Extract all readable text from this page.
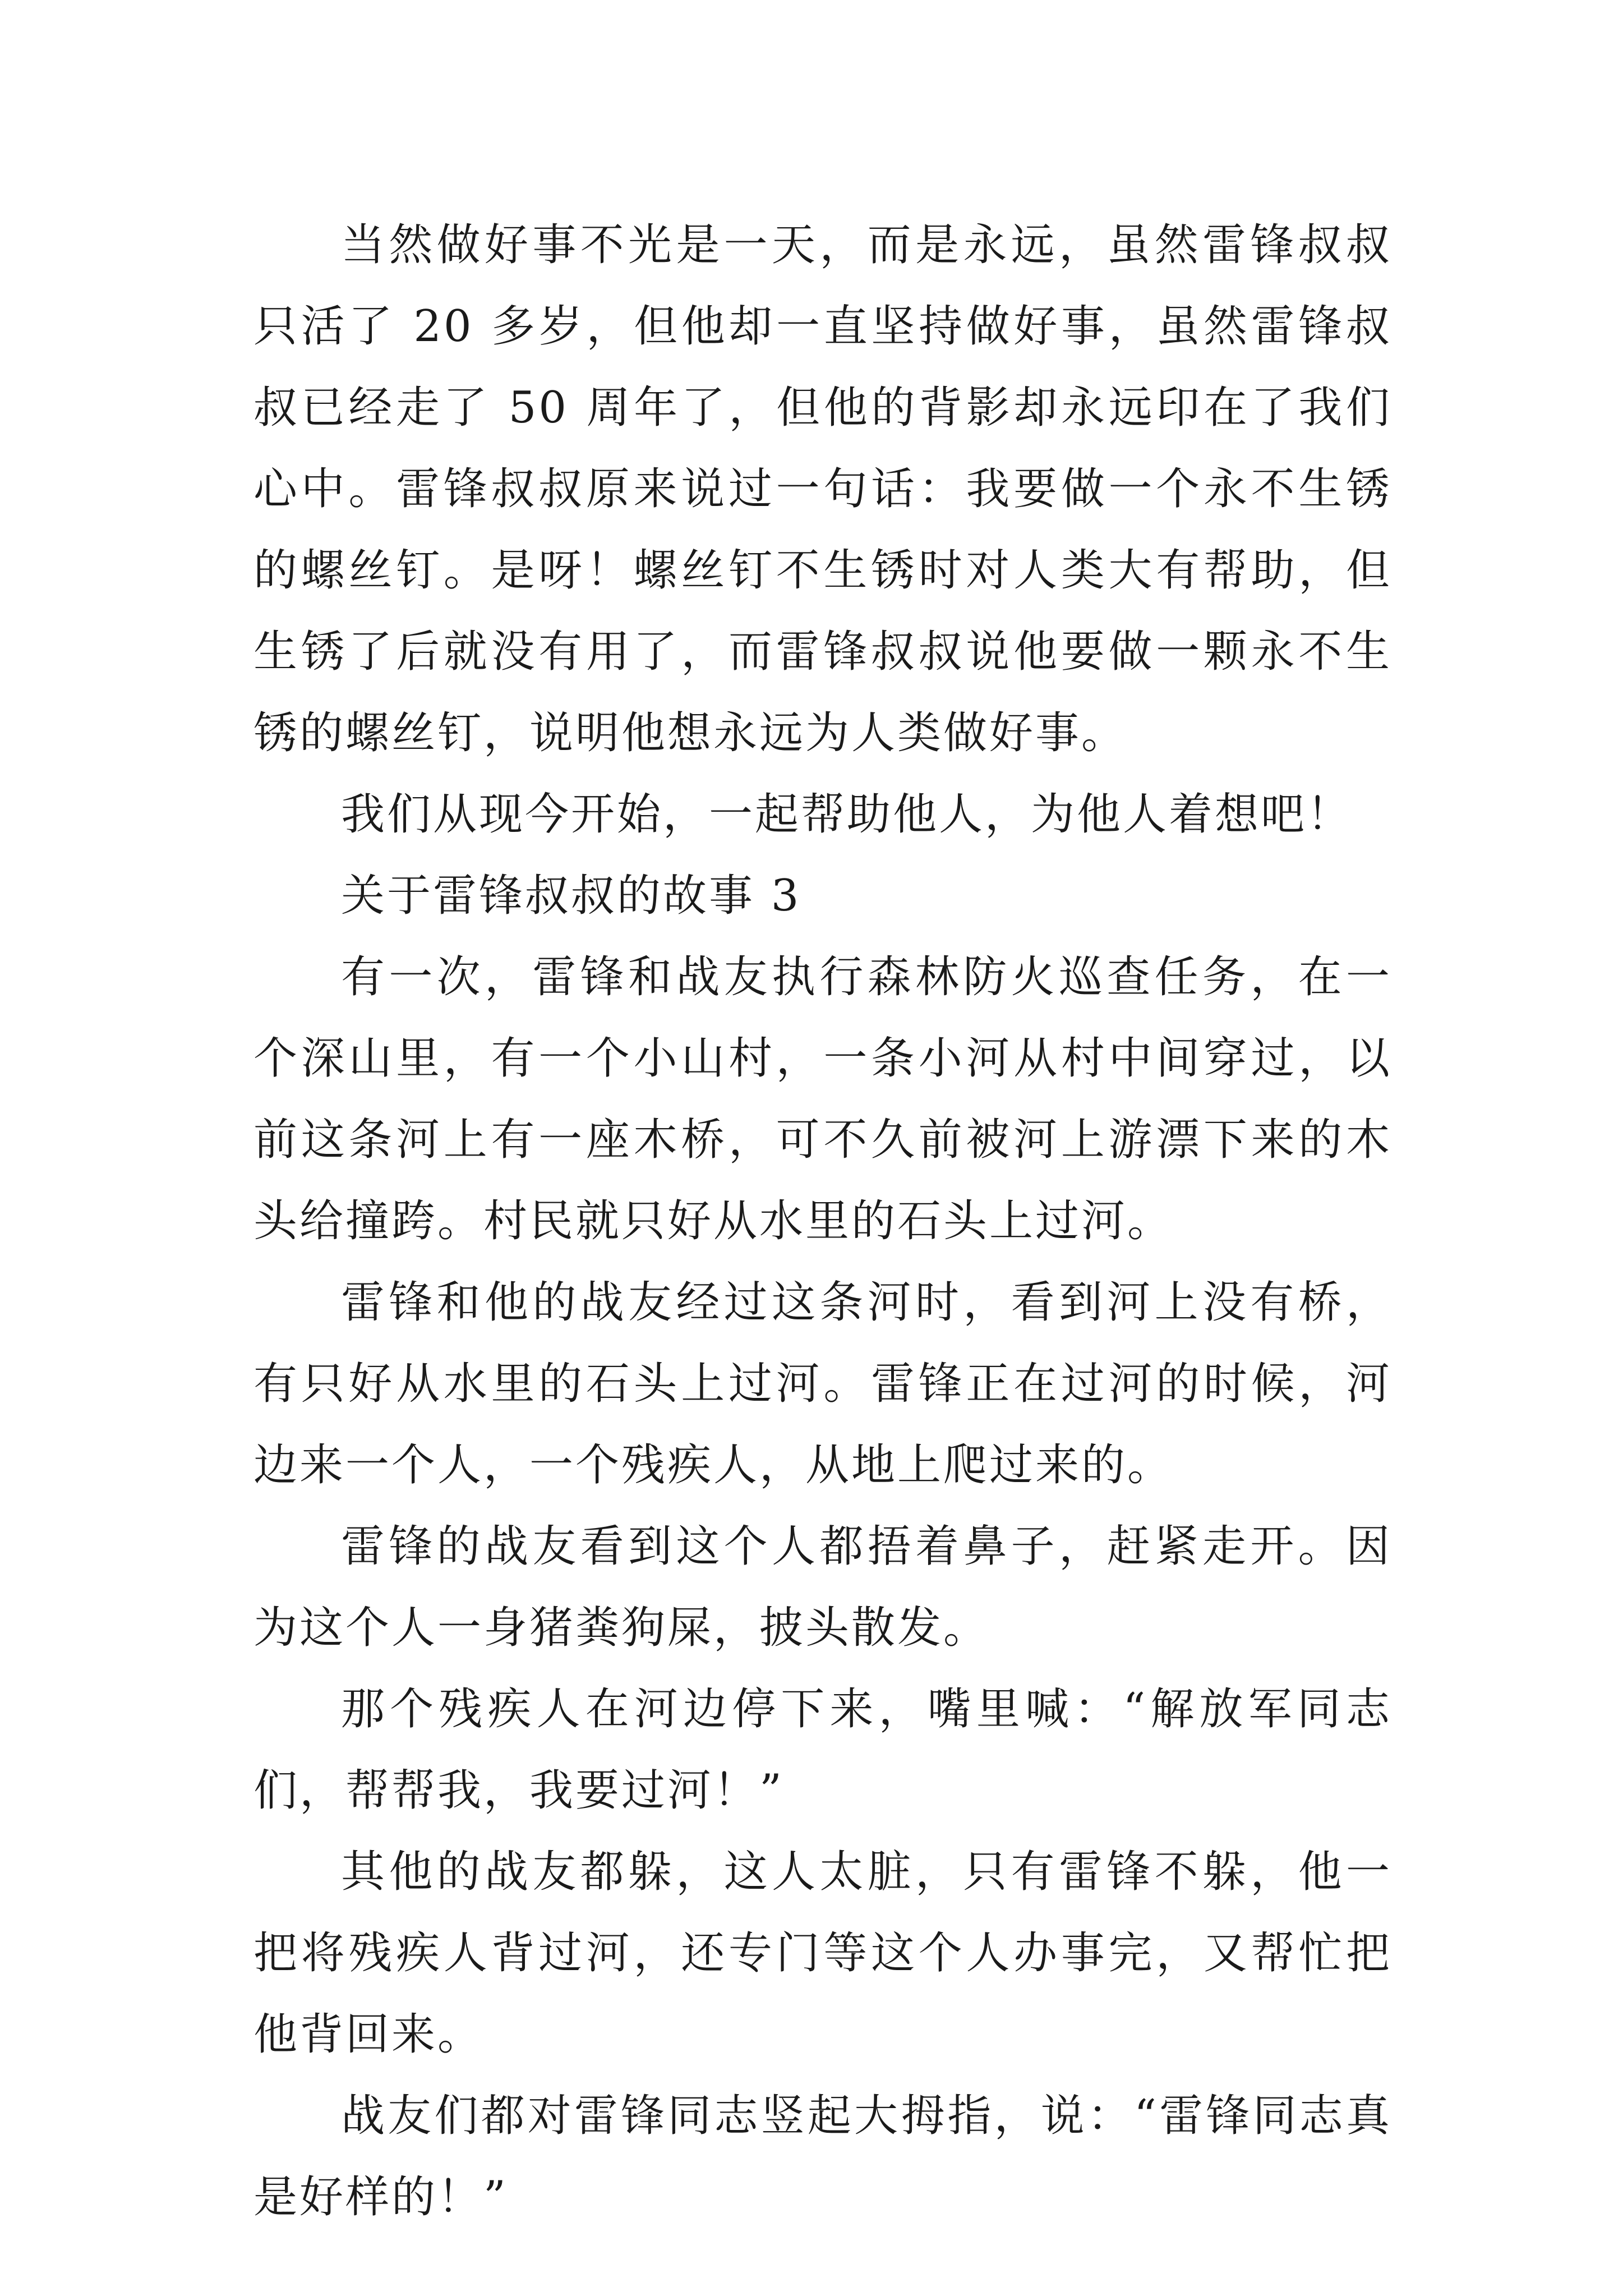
当然做好事不光是一天，而是永远，虽然雷锋叔叔只活了 20 多岁，但他却一直坚持做好事，虽然雷锋叔叔已经走了 50 周年了，但他的背影却永远印在了我们心中。雷锋叔叔原来说过一句话：我要做一个永不生锈的螺丝钉。是呀！螺丝钉不生锈时对人类大有帮助，但生锈了后就没有用了，而雷锋叔叔说他要做一颗永不生锈的螺丝钉，说明他想永远为人类做好事。

我们从现今开始，一起帮助他人，为他人着想吧！

关于雷锋叔叔的故事 3

有一次，雷锋和战友执行森林防火巡查任务，在一个深山里，有一个小山村，一条小河从村中间穿过，以前这条河上有一座木桥，可不久前被河上游漂下来的木头给撞跨。村民就只好从水里的石头上过河。

雷锋和他的战友经过这条河时，看到河上没有桥，有只好从水里的石头上过河。雷锋正在过河的时候，河边来一个人，一个残疾人，从地上爬过来的。

雷锋的战友看到这个人都捂着鼻子，赶紧走开。因为这个人一身猪粪狗屎，披头散发。

那个残疾人在河边停下来，嘴里喊：“解放军同志们，帮帮我，我要过河！”

其他的战友都躲，这人太脏，只有雷锋不躲，他一把将残疾人背过河，还专门等这个人办事完，又帮忙把他背回来。

战友们都对雷锋同志竖起大拇指，说：“雷锋同志真是好样的！”
